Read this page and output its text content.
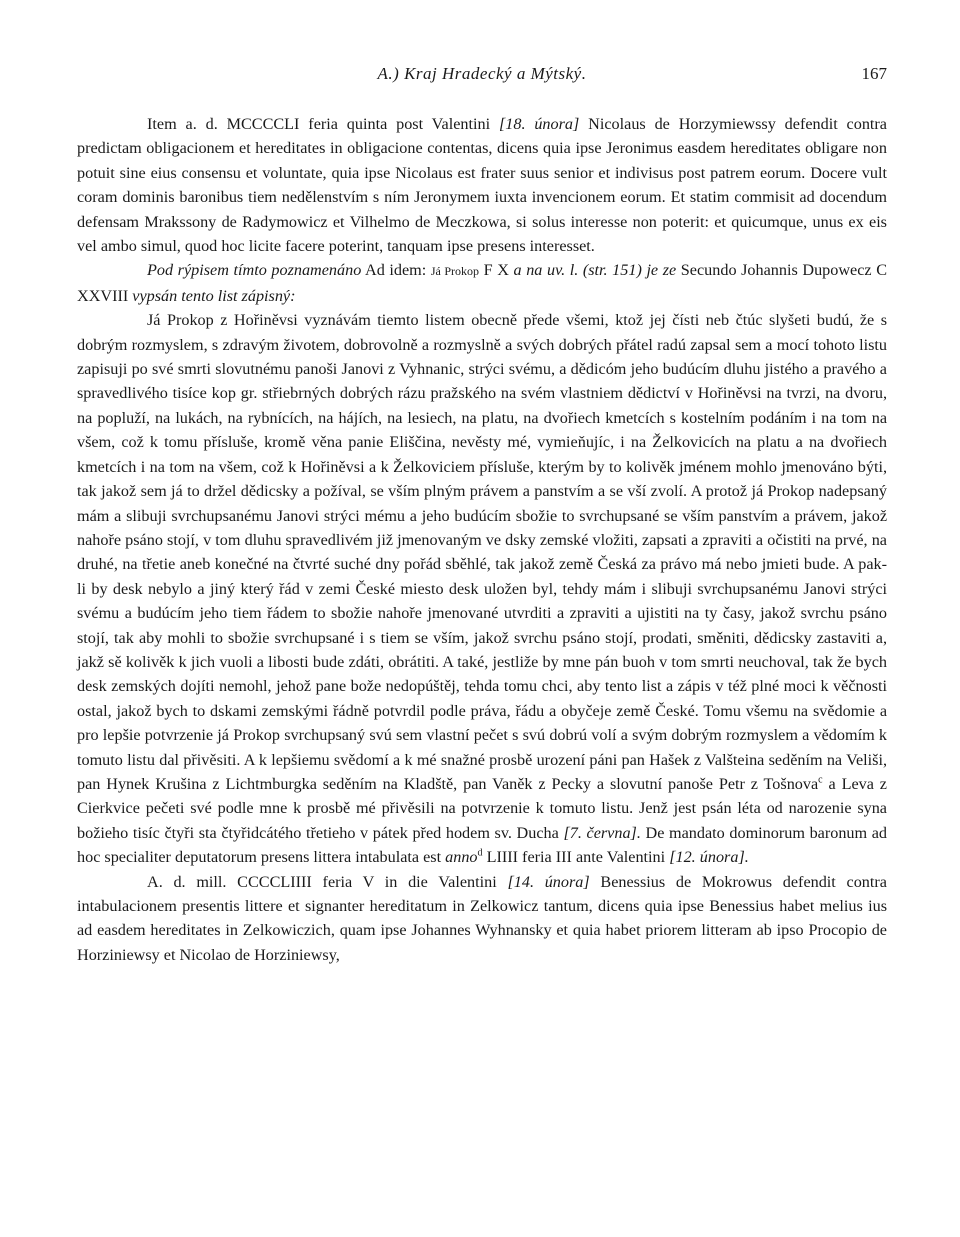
A.) Kraj Hradecký a Mýtský.	167

Item a. d. MCCCCLI feria quinta post Valentini [18. února] Nicolaus de Horzymiewssy defendit contra predictam obligacionem et hereditates in obligacione contentas, dicens quia ipse Jeronimus easdem hereditates obligare non potuit sine eius consensu et voluntate, quia ipse Nicolaus est frater suus senior et indivisus post patrem eorum. Docere vult coram dominis baronibus tiem nedělenstvím s ním Jeronymem iuxta invencionem eorum. Et statim commisit ad docendum defensam Mrakssony de Radymowicz et Vilhelmo de Meczkowa, si solus interesse non poterit: et quicumque, unus ex eis vel ambo simul, quod hoc licite facere poterint, tanquam ipse presens interesset.

Pod rýpisem tímto poznamenáno Ad idem: Já Prokop F X a na uv. l. (str. 151) je ze Secundo Johannis Dupowecz C XXVIII vypsán tento list zápisný:

Já Prokop z Hořiněvsi vyznávám tiemto listem obecně přede všemi, ktož jej čísti neb čtúc slyšeti budú, že s dobrým rozmyslem, s zdravým životem, dobrovolně a rozmyslně a svých dobrých přátel radú zapsal sem a mocí tohoto listu zapisuji po své smrti slovutnému panoši Janovi z Vyhnanic, strýci svému, a dědicóm jeho budúcím dluhu jistého a pravého a spravedlivého tisíce kop gr. střiebrných dobrých rázu pražského na svém vlastniem dědictví v Hořiněvsi na tvrzi, na dvoru, na popluží, na lukách, na rybnících, na hájích, na lesiech, na platu, na dvořiech kmetcích s kostelním podáním i na tom na všem, což k tomu přísluše, kromě věna panie Eliščina, nevěsty mé, vymieňujíc, i na Želkovicích na platu a na dvořiech kmetcích i na tom na všem, což k Hořiněvsi a k Želkoviciem přísluše, kterým by to kolivěk jménem mohlo jmenováno býti, tak jakož sem já to držel dědicsky a požíval, se vším plným právem a panstvím a se vší zvolí. A protož já Prokop nadepsaný mám a slibuji svrchupsanému Janovi strýci mému a jeho budúcím sbožie to svrchupsané se vším panstvím a právem, jakož nahoře psáno stojí, v tom dluhu spravedlivém již jmenovaným ve dsky zemské vložiti, zapsati a zpraviti a očistiti na prvé, na druhé, na třetie aneb konečné na čtvrté suché dny pořád sběhlé, tak jakož země Česká za právo má nebo jmieti bude. A pak-li by desk nebylo a jiný který řád v zemi České miesto desk uložen byl, tehdy mám i slibuji svrchupsanému Janovi strýci svému a budúcím jeho tiem řádem to sbožie nahoře jmenované utvrditi a zpraviti a ujistiti na ty časy, jakož svrchu psáno stojí, tak aby mohli to sbožie svrchupsané i s tiem se vším, jakož svrchu psáno stojí, prodati, směniti, dědicsky zastaviti a, jakž sě kolivěk k jich vuoli a libosti bude zdáti, obrátiti. A také, jestliže by mne pán buoh v tom smrti neuchoval, tak že bych desk zemských dojíti nemohl, jehož pane bože nedopúštěj, tehda tomu chci, aby tento list a zápis v též plné moci k věčnosti ostal, jakož bych to dskami zemskými řádně potvrdil podle práva, řádu a obyčeje země České. Tomu všemu na svědomie a pro lepšie potvrzenie já Prokop svrchupsaný svú sem vlastní pečet s svú dobrú volí a svým dobrým rozmyslem a vědomím k tomuto listu dal přivěsiti. A k lepšiemu svědomí a k mé snažné prosbě urození páni pan Hašek z Valšteina seděním na Veliši, pan Hynek Krušina z Lichtmburgka seděním na Kladště, pan Vaněk z Pecky a slovutní panoše Petr z Tošnova$^c$ a Leva z Cierkvice pečeti své podle mne k prosbě mé přivěsili na potvrzenie k tomuto listu. Jenž jest psán léta od narozenie syna božieho tisíc čtyři sta čtyřidcátého třetieho v pátek před hodem sv. Ducha [7. června]. De mandato dominorum baronum ad hoc specialiter deputatorum presens littera intabulata est anno$^d$ LIIII feria III ante Valentini [12. února].

A. d. mill. CCCCLIIII feria V in die Valentini [14. února] Benessius de Mokrowus defendit contra intabulacionem presentis littere et signanter hereditatum in Zelkowicz tantum, dicens quia ipse Benessius habet melius ius ad easdem hereditates in Zelkowiczich, quam ipse Johannes Wyhnansky et quia habet priorem litteram ab ipso Procopio de Horziniewsy et Nicolao de Horziniewsy,
